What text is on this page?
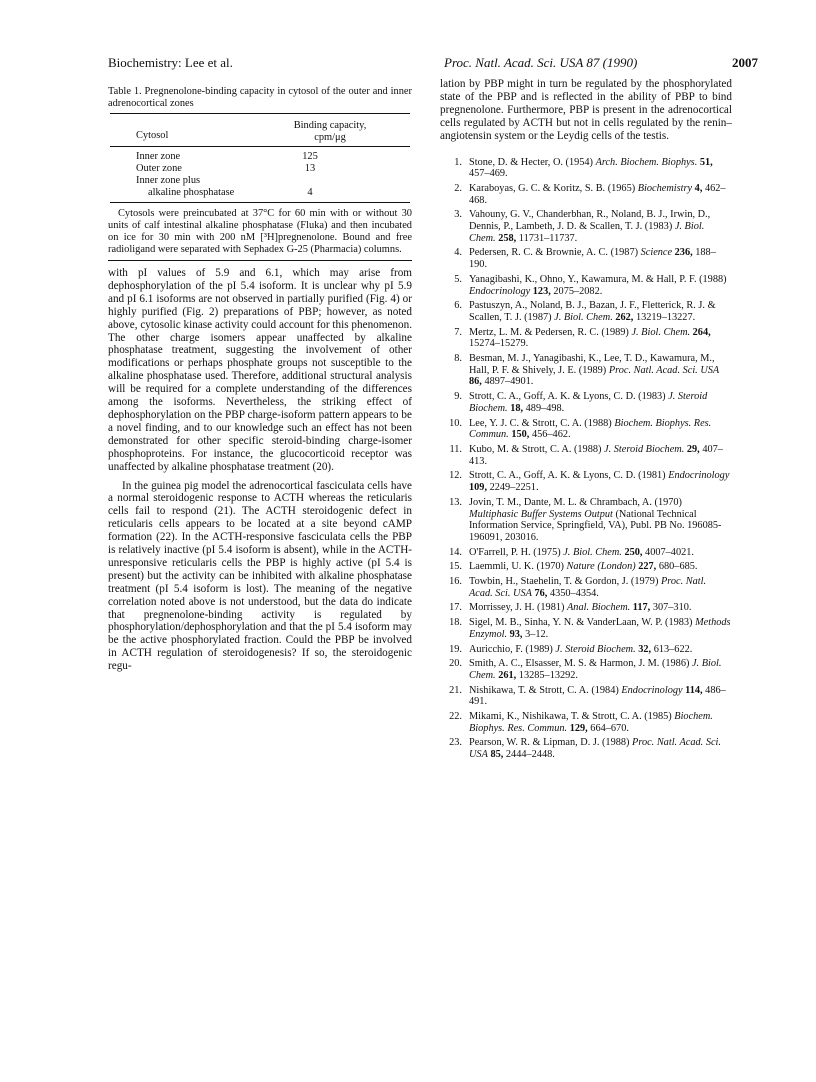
Biochemistry: Lee et al.	Proc. Natl. Acad. Sci. USA 87 (1990)	2007
Table 1. Pregnenolone-binding capacity in cytosol of the outer and inner adrenocortical zones
Cytosol
Binding capacity,
cpm/μg
Inner zone	125
Outer zone	13
Inner zone plus
alkaline phosphatase	4
Cytosols were preincubated at 37°C for 60 min with or without 30 units of calf intestinal alkaline phosphatase (Fluka) and then incubated on ice for 30 min with 200 nM [³H]pregnenolone. Bound and free radioligand were separated with Sephadex G-25 (Pharmacia) columns.

with pI values of 5.9 and 6.1, which may arise from dephosphorylation of the pI 5.4 isoform. It is unclear why pI 5.9 and pI 6.1 isoforms are not observed in partially purified (Fig. 4) or highly purified (Fig. 2) preparations of PBP; however, as noted above, cytosolic kinase activity could account for this phenomenon. The other charge isomers appear unaffected by alkaline phosphatase treatment, suggesting the involvement of other modifications or perhaps phosphate groups not susceptible to the alkaline phosphatase used. Therefore, additional structural analysis will be required for a complete understanding of the differences among the isoforms. Nevertheless, the striking effect of dephosphorylation on the PBP charge-isoform pattern appears to be a novel finding, and to our knowledge such an effect has not been demonstrated for other specific steroid-binding charge-isomer phosphoproteins. For instance, the glucocorticoid receptor was unaffected by alkaline phosphatase treatment (20).

In the guinea pig model the adrenocortical fasciculata cells have a normal steroidogenic response to ACTH whereas the reticularis cells fail to respond (21). The ACTH steroidogenic defect in reticularis cells appears to be located at a site beyond cAMP formation (22). In the ACTH-responsive fasciculata cells the PBP is relatively inactive (pI 5.4 isoform is absent), while in the ACTH-unresponsive reticularis cells the PBP is highly active (pI 5.4 is present) but the activity can be inhibited with alkaline phosphatase treatment (pI 5.4 isoform is lost). The meaning of the negative correlation noted above is not understood, but the data do indicate that pregnenolone-binding activity is regulated by phosphorylation/dephosphorylation and that the pI 5.4 isoform may be the active phosphorylated fraction. Could the PBP be involved in ACTH regulation of steroidogenesis? If so, the steroidogenic regu-

lation by PBP might in turn be regulated by the phosphorylated state of the PBP and is reflected in the ability of PBP to bind pregnenolone. Furthermore, PBP is present in the adrenocortical cells regulated by ACTH but not in cells regulated by the renin–angiotensin system or the Leydig cells of the testis.

1. Stone, D. & Hecter, O. (1954) Arch. Biochem. Biophys. 51, 457–469.
2. Karaboyas, G. C. & Koritz, S. B. (1965) Biochemistry 4, 462–468.
3. Vahouny, G. V., Chanderbhan, R., Noland, B. J., Irwin, D., Dennis, P., Lambeth, J. D. & Scallen, T. J. (1983) J. Biol. Chem. 258, 11731–11737.
4. Pedersen, R. C. & Brownie, A. C. (1987) Science 236, 188–190.
5. Yanagibashi, K., Ohno, Y., Kawamura, M. & Hall, P. F. (1988) Endocrinology 123, 2075–2082.
6. Pastuszyn, A., Noland, B. J., Bazan, J. F., Fletterick, R. J. & Scallen, T. J. (1987) J. Biol. Chem. 262, 13219–13227.
7. Mertz, L. M. & Pedersen, R. C. (1989) J. Biol. Chem. 264, 15274–15279.
8. Besman, M. J., Yanagibashi, K., Lee, T. D., Kawamura, M., Hall, P. F. & Shively, J. E. (1989) Proc. Natl. Acad. Sci. USA 86, 4897–4901.
9. Strott, C. A., Goff, A. K. & Lyons, C. D. (1983) J. Steroid Biochem. 18, 489–498.
10. Lee, Y. J. C. & Strott, C. A. (1988) Biochem. Biophys. Res. Commun. 150, 456–462.
11. Kubo, M. & Strott, C. A. (1988) J. Steroid Biochem. 29, 407–413.
12. Strott, C. A., Goff, A. K. & Lyons, C. D. (1981) Endocrinology 109, 2249–2251.
13. Jovin, T. M., Dante, M. L. & Chrambach, A. (1970) Multiphasic Buffer Systems Output (National Technical Information Service, Springfield, VA), Publ. PB No. 196085-196091, 203016.
14. O'Farrell, P. H. (1975) J. Biol. Chem. 250, 4007–4021.
15. Laemmli, U. K. (1970) Nature (London) 227, 680–685.
16. Towbin, H., Staehelin, T. & Gordon, J. (1979) Proc. Natl. Acad. Sci. USA 76, 4350–4354.
17. Morrissey, J. H. (1981) Anal. Biochem. 117, 307–310.
18. Sigel, M. B., Sinha, Y. N. & VanderLaan, W. P. (1983) Methods Enzymol. 93, 3–12.
19. Auricchio, F. (1989) J. Steroid Biochem. 32, 613–622.
20. Smith, A. C., Elsasser, M. S. & Harmon, J. M. (1986) J. Biol. Chem. 261, 13285–13292.
21. Nishikawa, T. & Strott, C. A. (1984) Endocrinology 114, 486–491.
22. Mikami, K., Nishikawa, T. & Strott, C. A. (1985) Biochem. Biophys. Res. Commun. 129, 664–670.
23. Pearson, W. R. & Lipman, D. J. (1988) Proc. Natl. Acad. Sci. USA 85, 2444–2448.
